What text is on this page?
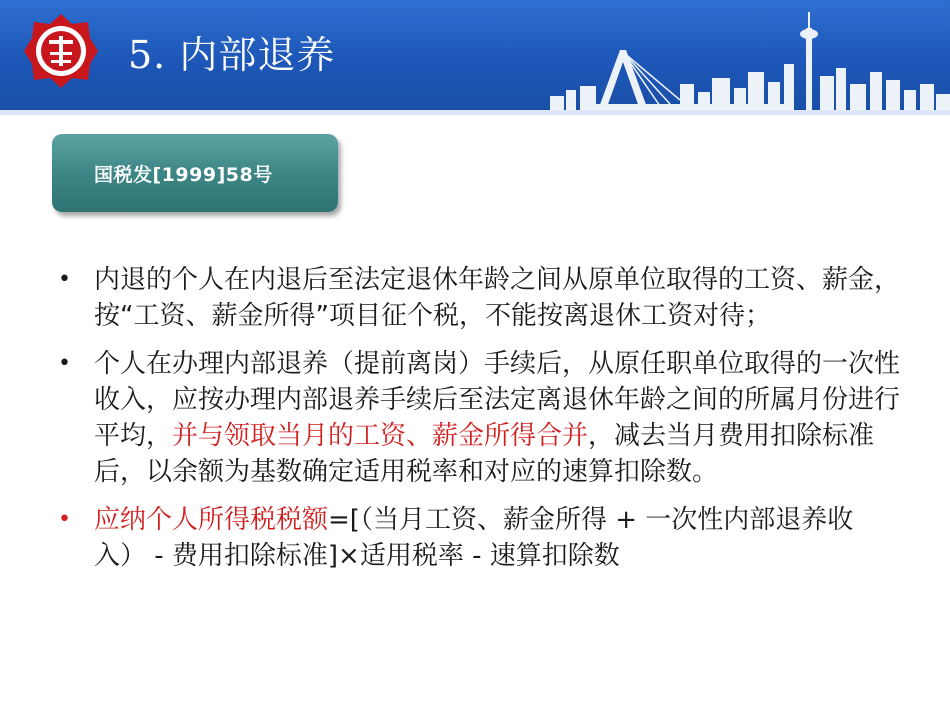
5. 内部退养
国税发[1999]58号
• 内退的个人在内退后至法定退休年龄之间从原单位取得的工资、薪金，按“工资、薪金所得”项目征个税，不能按离退休工资对待；
• 个人在办理内部退养（提前离岗）手续后，从原任职单位取得的一次性收入，应按办理内部退养手续后至法定离退休年龄之间的所属月份进行平均，并与领取当月的工资、薪金所得合并，减去当月费用扣除标准后，以余额为基数确定适用税率和对应的速算扣除数。
• 应纳个人所得税税额=[（当月工资、薪金所得 + 一次性内部退养收入） - 费用扣除标准]×适用税率 - 速算扣除数
